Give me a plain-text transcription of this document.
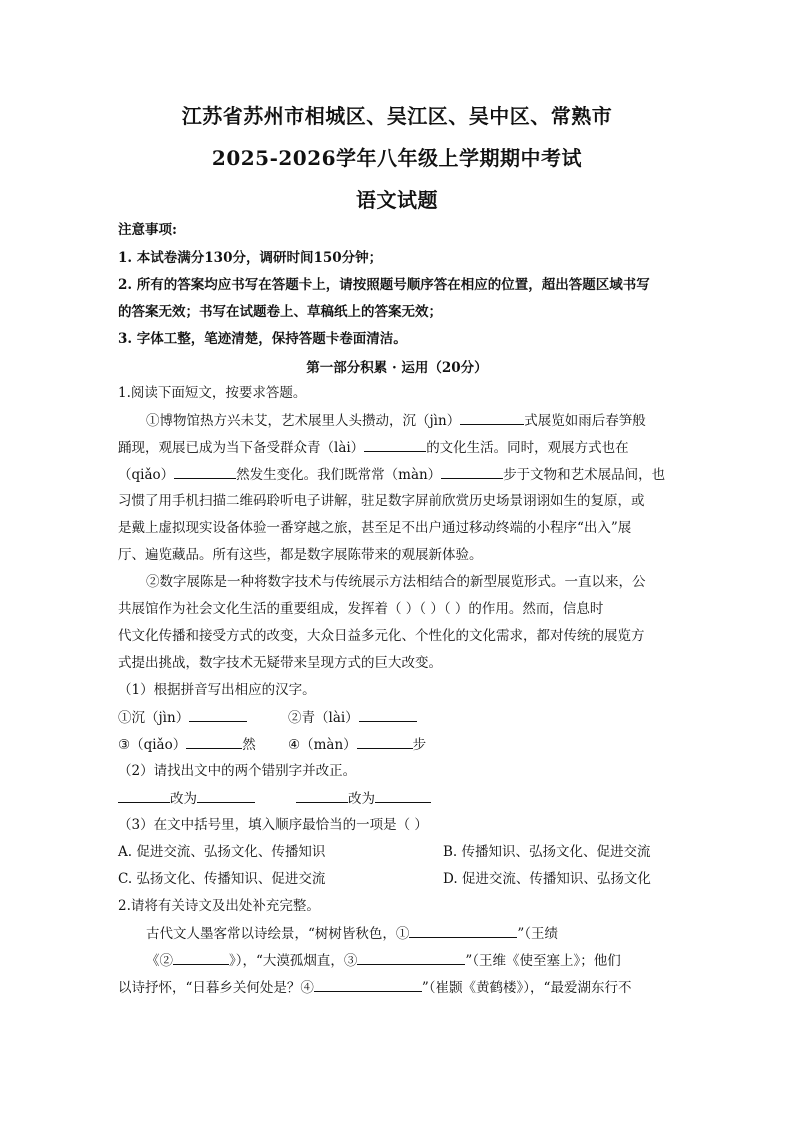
江苏省苏州市相城区、吴江区、吴中区、常熟市
2025-2026学年八年级上学期期中考试
语文试题
注意事项:
1. 本试卷满分130分，调研时间150分钟；
2. 所有的答案均应书写在答题卡上，请按照题号顺序答在相应的位置，超出答题区域书写
的答案无效；书写在试题卷上、草稿纸上的答案无效；
3. 字体工整，笔迹清楚，保持答题卡卷面清洁。
第一部分积累 · 运用（20分）
1.阅读下面短文，按要求答题。
①博物馆热方兴未艾，艺术展里人头攒动，沉（jìn）	式展览如雨后春笋般
踊现，观展已成为当下备受群众青（lài）	的文化生活。同时，观展方式也在
（qiǎo）	然发生变化。我们既常常（màn）	步于文物和艺术展品间，也
习惯了用手机扫描二维码聆听电子讲解，驻足数字屏前欣赏历史场景诩诩如生的复原，或
是戴上虚拟现实设备体验一番穿越之旅，甚至足不出户通过移动终端的小程序“出入”展
厅、遍览藏品。所有这些，都是数字展陈带来的观展新体验。
②数字展陈是一种将数字技术与传统展示方法相结合的新型展览形式。一直以来，公
共展馆作为社会文化生活的重要组成，发挥着（ ）（ ）（ ）的作用。然而，信息时
代文化传播和接受方式的改变，大众日益多元化、个性化的文化需求，都对传统的展览方
式提出挑战，数字技术无疑带来呈现方式的巨大改变。
（1）根据拼音写出相应的汉字。
①沉（jìn）	②青（lài）
③（qiǎo）	然 ④（màn）	步
（2）请找出文中的两个错别字并改正。
改为	改为
（3）在文中括号里，填入顺序最恰当的一项是（ ）
A. 促进交流、弘扬文化、传播知识	B. 传播知识、弘扬文化、促进交流
C. 弘扬文化、传播知识、促进交流	D. 促进交流、传播知识、弘扬文化
2.请将有关诗文及出处补充完整。
古代文人墨客常以诗绘景，“树树皆秋色，①	”（王绩
《②	》），“大漠孤烟直，③	”（王维《使至塞上》；他们
以诗抒怀，“日暮乡关何处是？④	”（崔颢《黄鹤楼》），“最爱湖东行不
